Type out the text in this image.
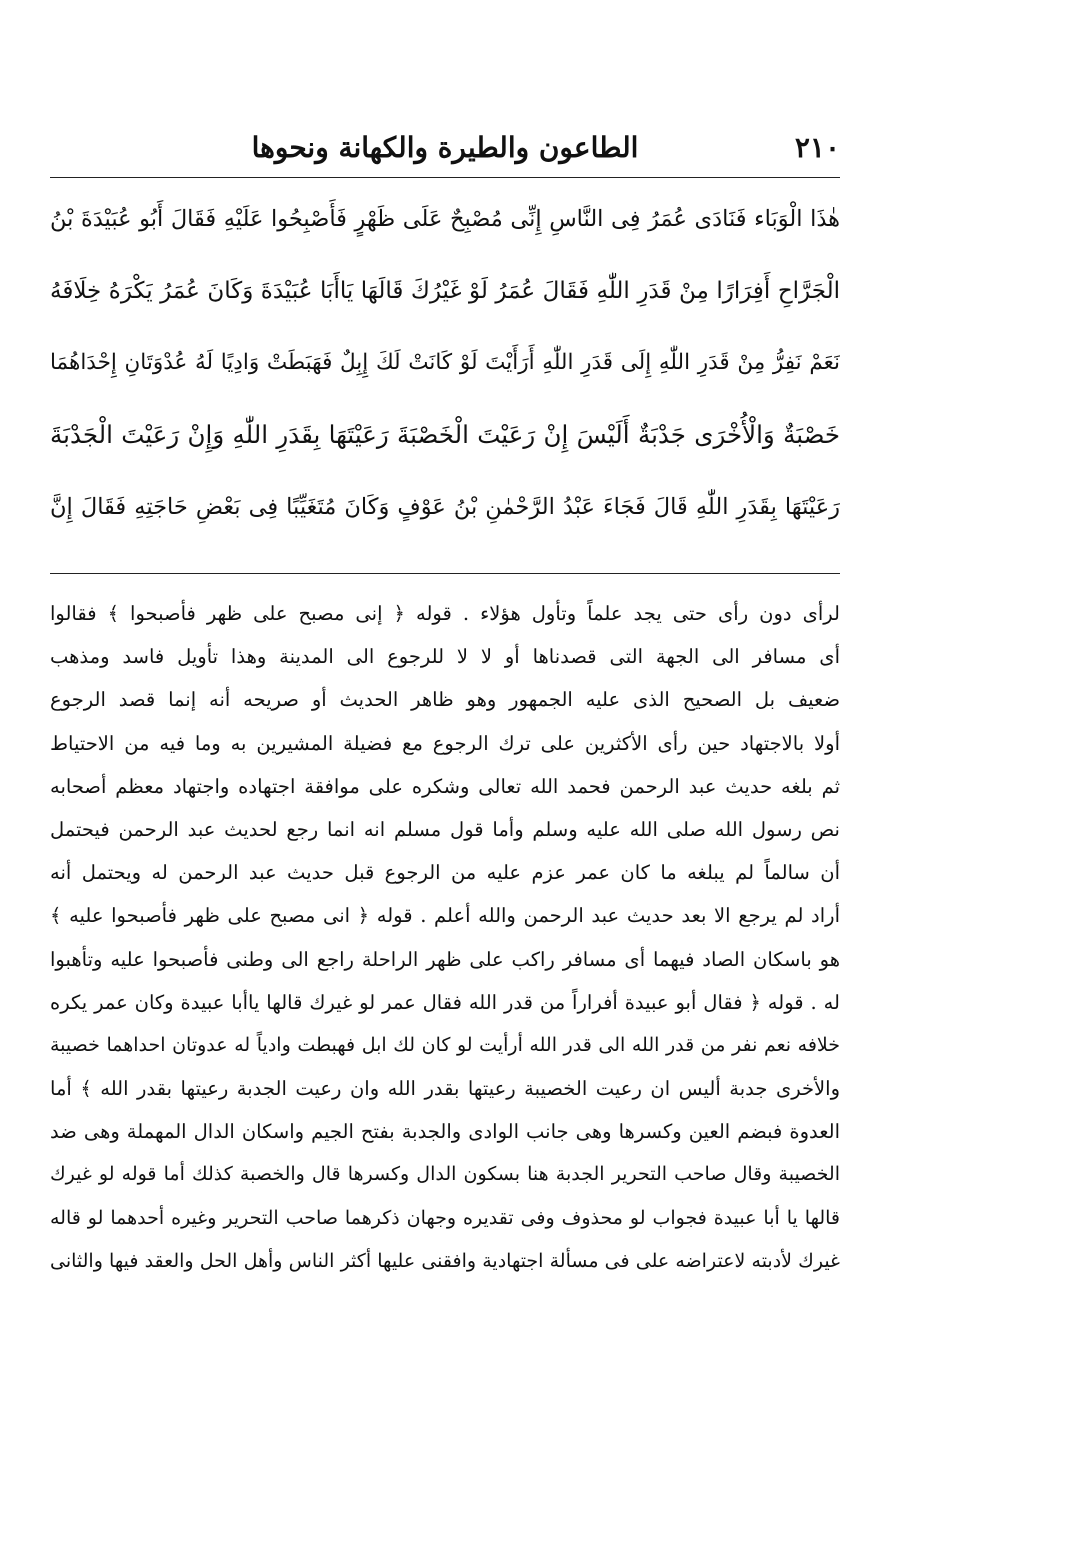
٢١٠
الطاعون والطيرة والكهانة ونحوها
هٰذَا الْوَبَاء فَنَادَى عُمَرُ فِى النَّاسِ إِنِّى مُصْبِحٌ عَلَى ظَهْرٍ فَأَصْبِحُوا عَلَيْهِ فَقَالَ أَبُو عُبَيْدَةَ بْنُ
الْجَرَّاحِ أَفِرَارًا مِنْ قَدَرِ اللّٰهِ فَقَالَ عُمَرُ لَوْ غَيْرُكَ قَالَهَا يَاأَبَا عُبَيْدَةَ وَكَانَ عُمَرُ يَكْرَهُ خِلَافَهُ
نَعَمْ نَفِرُّ مِنْ قَدَرِ اللّٰهِ إِلَى قَدَرِ اللّٰهِ أَرَأَيْتَ لَوْ كَانَتْ لَكَ إِبِلٌ فَهَبَطَتْ وَادِيًا لَهُ عُدْوَتَانِ إِحْدَاهُمَا
خَصْبَةٌ وَالْأُخْرَى جَدْبَةٌ أَلَيْسَ إِنْ رَعَيْتَ الْخَصْبَةَ رَعَيْتَهَا بِقَدَرِ اللّٰهِ وَإِنْ رَعَيْتَ الْجَدْبَةَ
رَعَيْتَهَا بِقَدَرِ اللّٰهِ قَالَ فَجَاءَ عَبْدُ الرَّحْمٰنِ بْنُ عَوْفٍ وَكَانَ مُتَغَيِّبًا فِى بَعْضِ حَاجَتِهِ فَقَالَ إِنَّ
لرأى دون رأى حتى يجد علماً وتأول هؤلاء . قوله ﴿ إنى مصبح على ظهر فأصبحوا ﴾ فقالوا
أى مسافر الى الجهة التى قصدناها أو لا لا للرجوع الى المدينة وهذا تأويل فاسد ومذهب
ضعيف بل الصحيح الذى عليه الجمهور وهو ظاهر الحديث أو صريحه أنه إنما قصد الرجوع
أولا بالاجتهاد حين رأى الأكثرين على ترك الرجوع مع فضيلة المشيرين به وما فيه من الاحتياط
ثم بلغه حديث عبد الرحمن فحمد الله تعالى وشكره على موافقة اجتهاده واجتهاد معظم أصحابه
نص رسول الله صلى الله عليه وسلم وأما قول مسلم انه انما رجع لحديث عبد الرحمن فيحتمل
أن سالماً لم يبلغه ما كان عمر عزم عليه من الرجوع قبل حديث عبد الرحمن له ويحتمل أنه
أراد لم يرجع الا بعد حديث عبد الرحمن والله أعلم . قوله ﴿ انى مصبح على ظهر فأصبحوا عليه ﴾
هو باسكان الصاد فيهما أى مسافر راكب على ظهر الراحلة راجع الى وطنى فأصبحوا عليه وتأهبوا
له . قوله ﴿ فقال أبو عبيدة أفراراً من قدر الله فقال عمر لو غيرك قالها ياأبا عبيدة وكان عمر يكره
خلافه نعم نفر من قدر الله الى قدر الله أرأيت لو كان لك ابل فهبطت وادياً له عدوتان احداهما خصيبة
والأخرى جدبة أليس ان رعيت الخصيبة رعيتها بقدر الله وان رعيت الجدبة رعيتها بقدر الله ﴾ أما
العدوة فبضم العين وكسرها وهى جانب الوادى والجدبة بفتح الجيم واسكان الدال المهملة وهى ضد
الخصيبة وقال صاحب التحرير الجدبة هنا بسكون الدال وكسرها قال والخصبة كذلك أما قوله لو غيرك
قالها يا أبا عبيدة فجواب لو محذوف وفى تقديره وجهان ذكرهما صاحب التحرير وغيره أحدهما لو قاله
غيرك لأدبته لاعتراضه على فى مسألة اجتهادية وافقنى عليها أكثر الناس وأهل الحل والعقد فيها والثانى
